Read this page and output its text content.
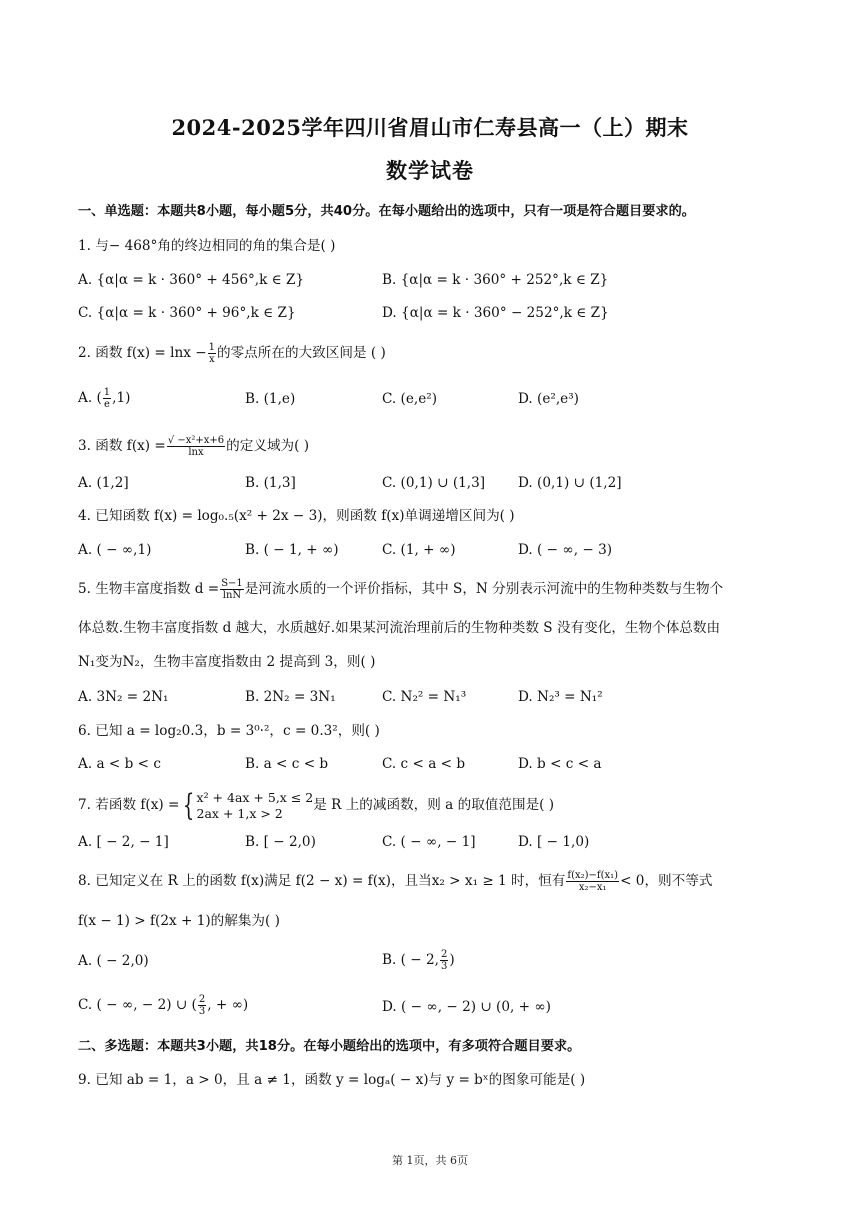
2024-2025学年四川省眉山市仁寿县高一（上）期末
数学试卷
一、单选题：本题共8小题，每小题5分，共40分。在每小题给出的选项中，只有一项是符合题目要求的。
1. 与− 468°角的终边相同的角的集合是( )
A. {α|α = k · 360° + 456°,k ∈ Z}	B. {α|α = k · 360° + 252°,k ∈ Z}
C. {α|α = k · 360° + 96°,k ∈ Z}	D. {α|α = k · 360° − 252°,k ∈ Z}
2. 函数 $f(x) = \ln x - \frac{1}{x}$ 的零点所在的大致区间是 ( )
A. ( $\frac{1}{e} ,1$)	B. (1,e)	C. (e,e²)	D. (e²,e³)
3. 函数 $f(x) = \frac{\text{√ −x²+x+6}}{\ln x}$ 的定义域为( )
A. (1,2]	B. (1,3]	C. (0,1) ∪ (1,3] D. (0,1) ∪ (1,2]
4. 已知函数 f(x) = log₀.₅(x² + 2x − 3)，则函数 f(x)单调递增区间为( )
A. ( − ∞,1)	B. ( − 1, + ∞)	C. (1, + ∞)	D. ( − ∞, − 3)
5. 生物丰富度指数 $d = \frac{S-1}{\ln N}$ 是河流水质的一个评价指标，其中 S，N 分别表示河流中的生物种类数与生物个
体总数.生物丰富度指数 d 越大，水质越好.如果某河流治理前后的生物种类数 S 没有变化，生物个体总数由
N₁变为N₂，生物丰富度指数由 2 提高到 3，则( )
A. 3N₂ = 2N₁	B. 2N₂ = 3N₁	C. N₂² = N₁³	D. N₂³ = N₁²
6. 已知 a = log₂0.3，b = 3⁰·²，c = 0.3²，则( )
A. a < b < c	B. a < c < b	C. c < a < b	D. b < c < a
7. 若函数 f(x) = { x² + 4ax + 5,x ≤ 2
2ax + 1,x > 2	是 R 上的减函数，则 a 的取值范围是( )
A. [ − 2, − 1]	B. [ − 2,0)	C. ( − ∞, − 1]	D. [ − 1,0)
8. 已知定义在 R 上的函数 f(x)满足 f(2 − x) = f(x)，且当x₂ > x₁ ≥ 1 时，恒有 $\frac{\text{f(x₂)−f(x₁)}}{\text{x₂−x₁}} < 0$，则不等式
f(x − 1) > f(2x + 1)的解集为( )
A. ( − 2,0)	B. ( − 2, $\frac{2}{3}$ )
C. ( − ∞, − 2) ∪ ( $\frac{2}{3}$ , + ∞)	D. ( − ∞, − 2) ∪ (0, + ∞)
二、多选题：本题共3小题，共18分。在每小题给出的选项中，有多项符合题目要求。
9. 已知 ab = 1，a > 0，且 a ≠ 1，函数 y = logₐ( − x)与 y = bˣ的图象可能是( )
第 1页，共 6页
